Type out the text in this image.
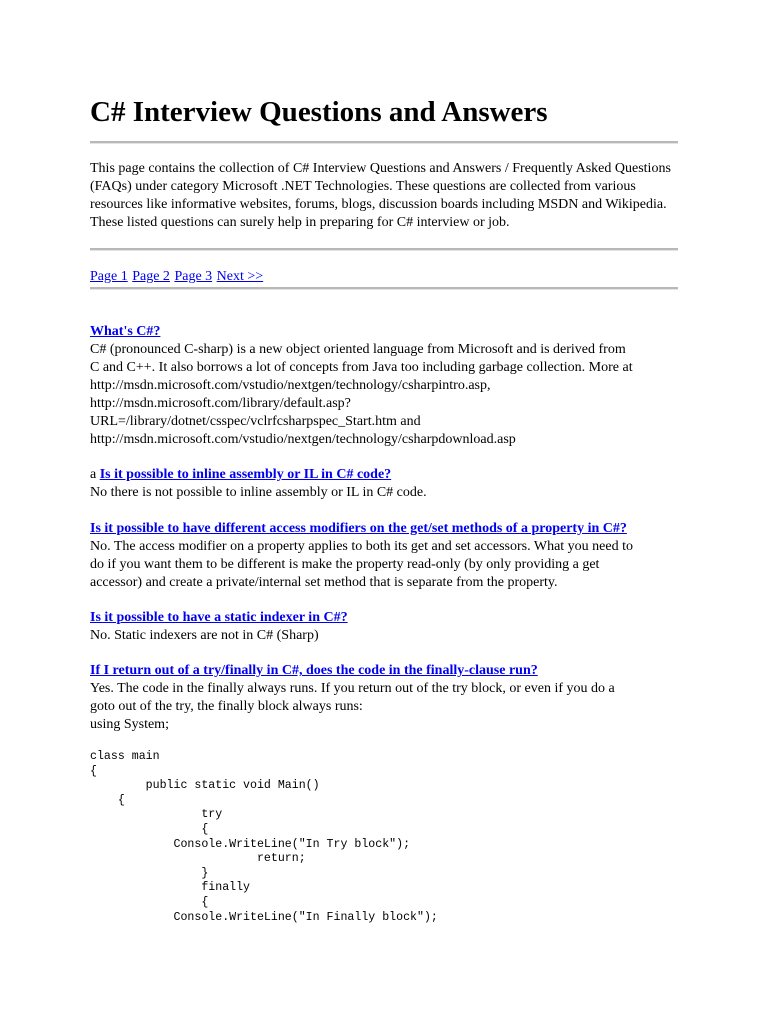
C# Interview Questions and Answers

This page contains the collection of C# Interview Questions and Answers / Frequently Asked Questions (FAQs) under category Microsoft .NET Technologies. These questions are collected from various resources like informative websites, forums, blogs, discussion boards including MSDN and Wikipedia. These listed questions can surely help in preparing for C# interview or job.

Page 1 Page 2 Page 3 Next >>

What's C#?

C# (pronounced C-sharp) is a new object oriented language from Microsoft and is derived from

C and C++. It also borrows a lot of concepts from Java too including garbage collection. More at

http://msdn.microsoft.com/vstudio/nextgen/technology/csharpintro.asp,

http://msdn.microsoft.com/library/default.asp?

URL=/library/dotnet/csspec/vclrfcsharpspec_Start.htm and

http://msdn.microsoft.com/vstudio/nextgen/technology/csharpdownload.asp

a Is it possible to inline assembly or IL in C# code?

No there is not possible to inline assembly or IL in C# code.

Is it possible to have different access modifiers on the get/set methods of a property in C#?

No. The access modifier on a property applies to both its get and set accessors. What you need to

do if you want them to be different is make the property read-only (by only providing a get

accessor) and create a private/internal set method that is separate from the property.

Is it possible to have a static indexer in C#?

No. Static indexers are not in C# (Sharp)

If I return out of a try/finally in C#, does the code in the finally-clause run?

Yes. The code in the finally always runs. If you return out of the try block, or even if you do a

goto out of the try, the finally block always runs:

using System;

class main
{
public static void Main()
{
try
{
Console.WriteLine("In Try block");
return;
}
finally
{
Console.WriteLine("In Finally block");
